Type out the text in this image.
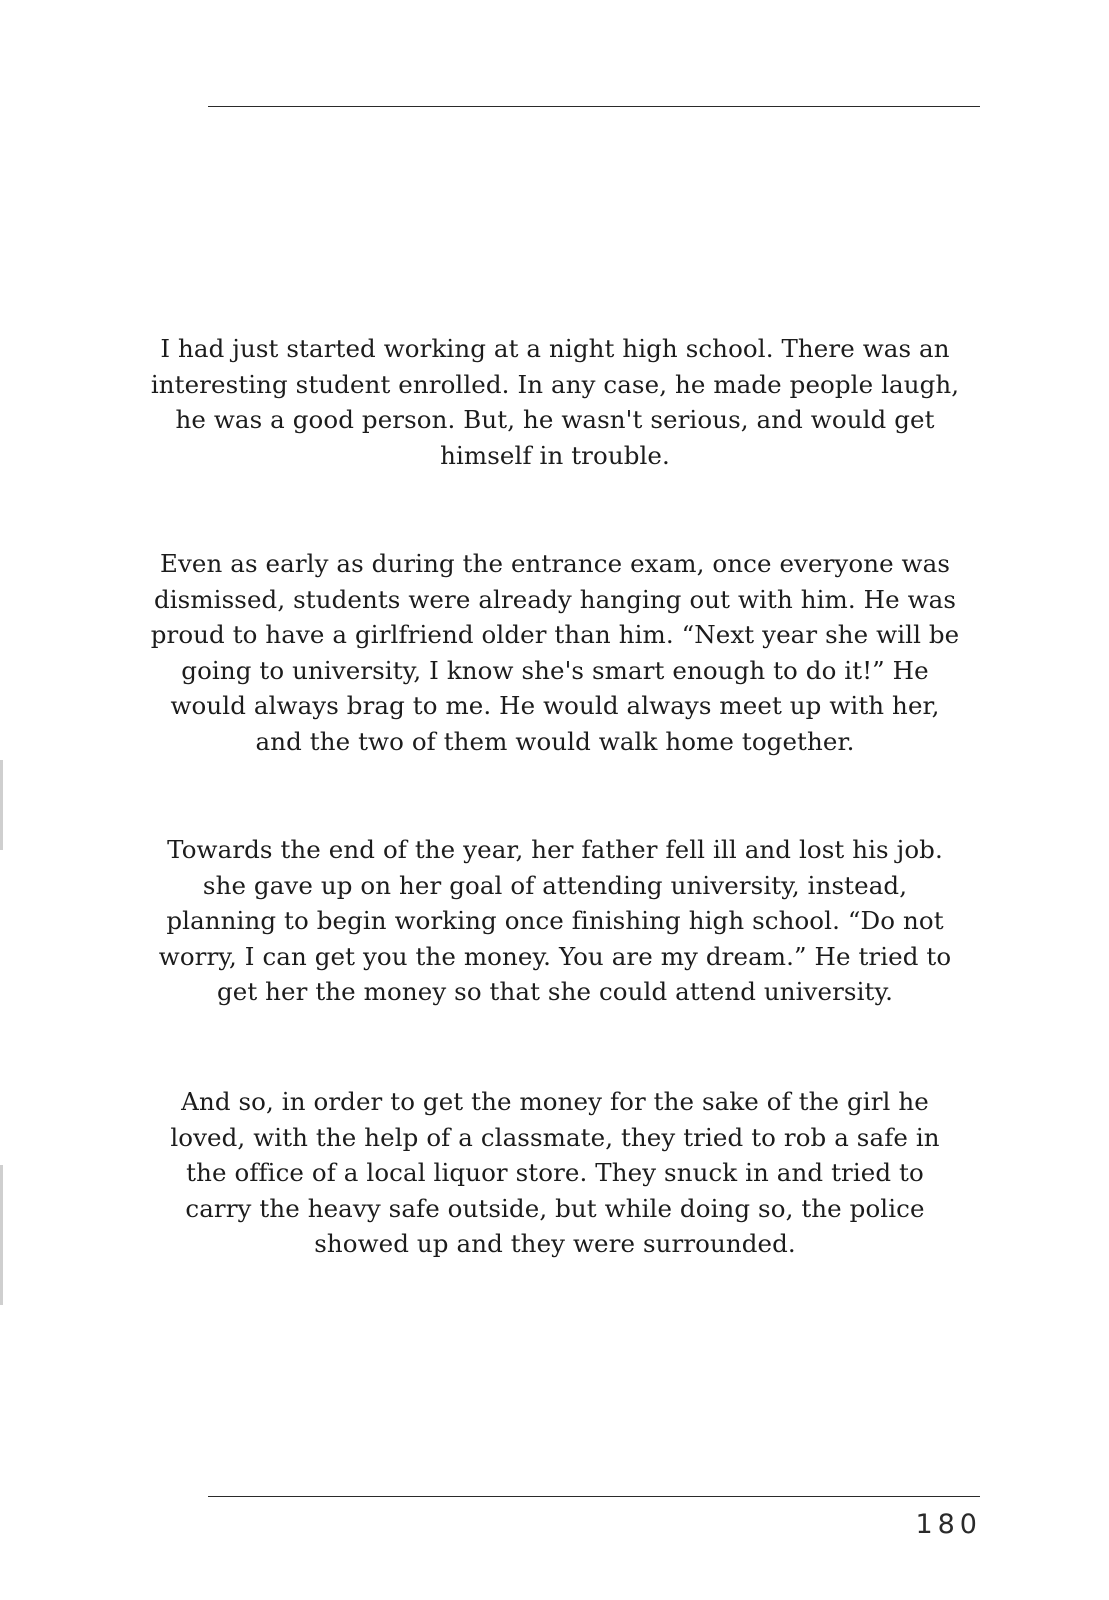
I had just started working at a night high school. There was an interesting student enrolled. In any case, he made people laugh, he was a good person. But, he wasn't serious, and would get himself in trouble.

Even as early as during the entrance exam, once everyone was dismissed, students were already hanging out with him. He was proud to have a girlfriend older than him. “Next year she will be going to university, I know she's smart enough to do it!” He would always brag to me. He would always meet up with her, and the two of them would walk home together.

Towards the end of the year, her father fell ill and lost his job. she gave up on her goal of attending university, instead, planning to begin working once finishing high school. “Do not worry, I can get you the money. You are my dream.” He tried to get her the money so that she could attend university.

And so, in order to get the money for the sake of the girl he loved, with the help of a classmate, they tried to rob a safe in the office of a local liquor store. They snuck in and tried to carry the heavy safe outside, but while doing so, the police showed up and they were surrounded.

180
